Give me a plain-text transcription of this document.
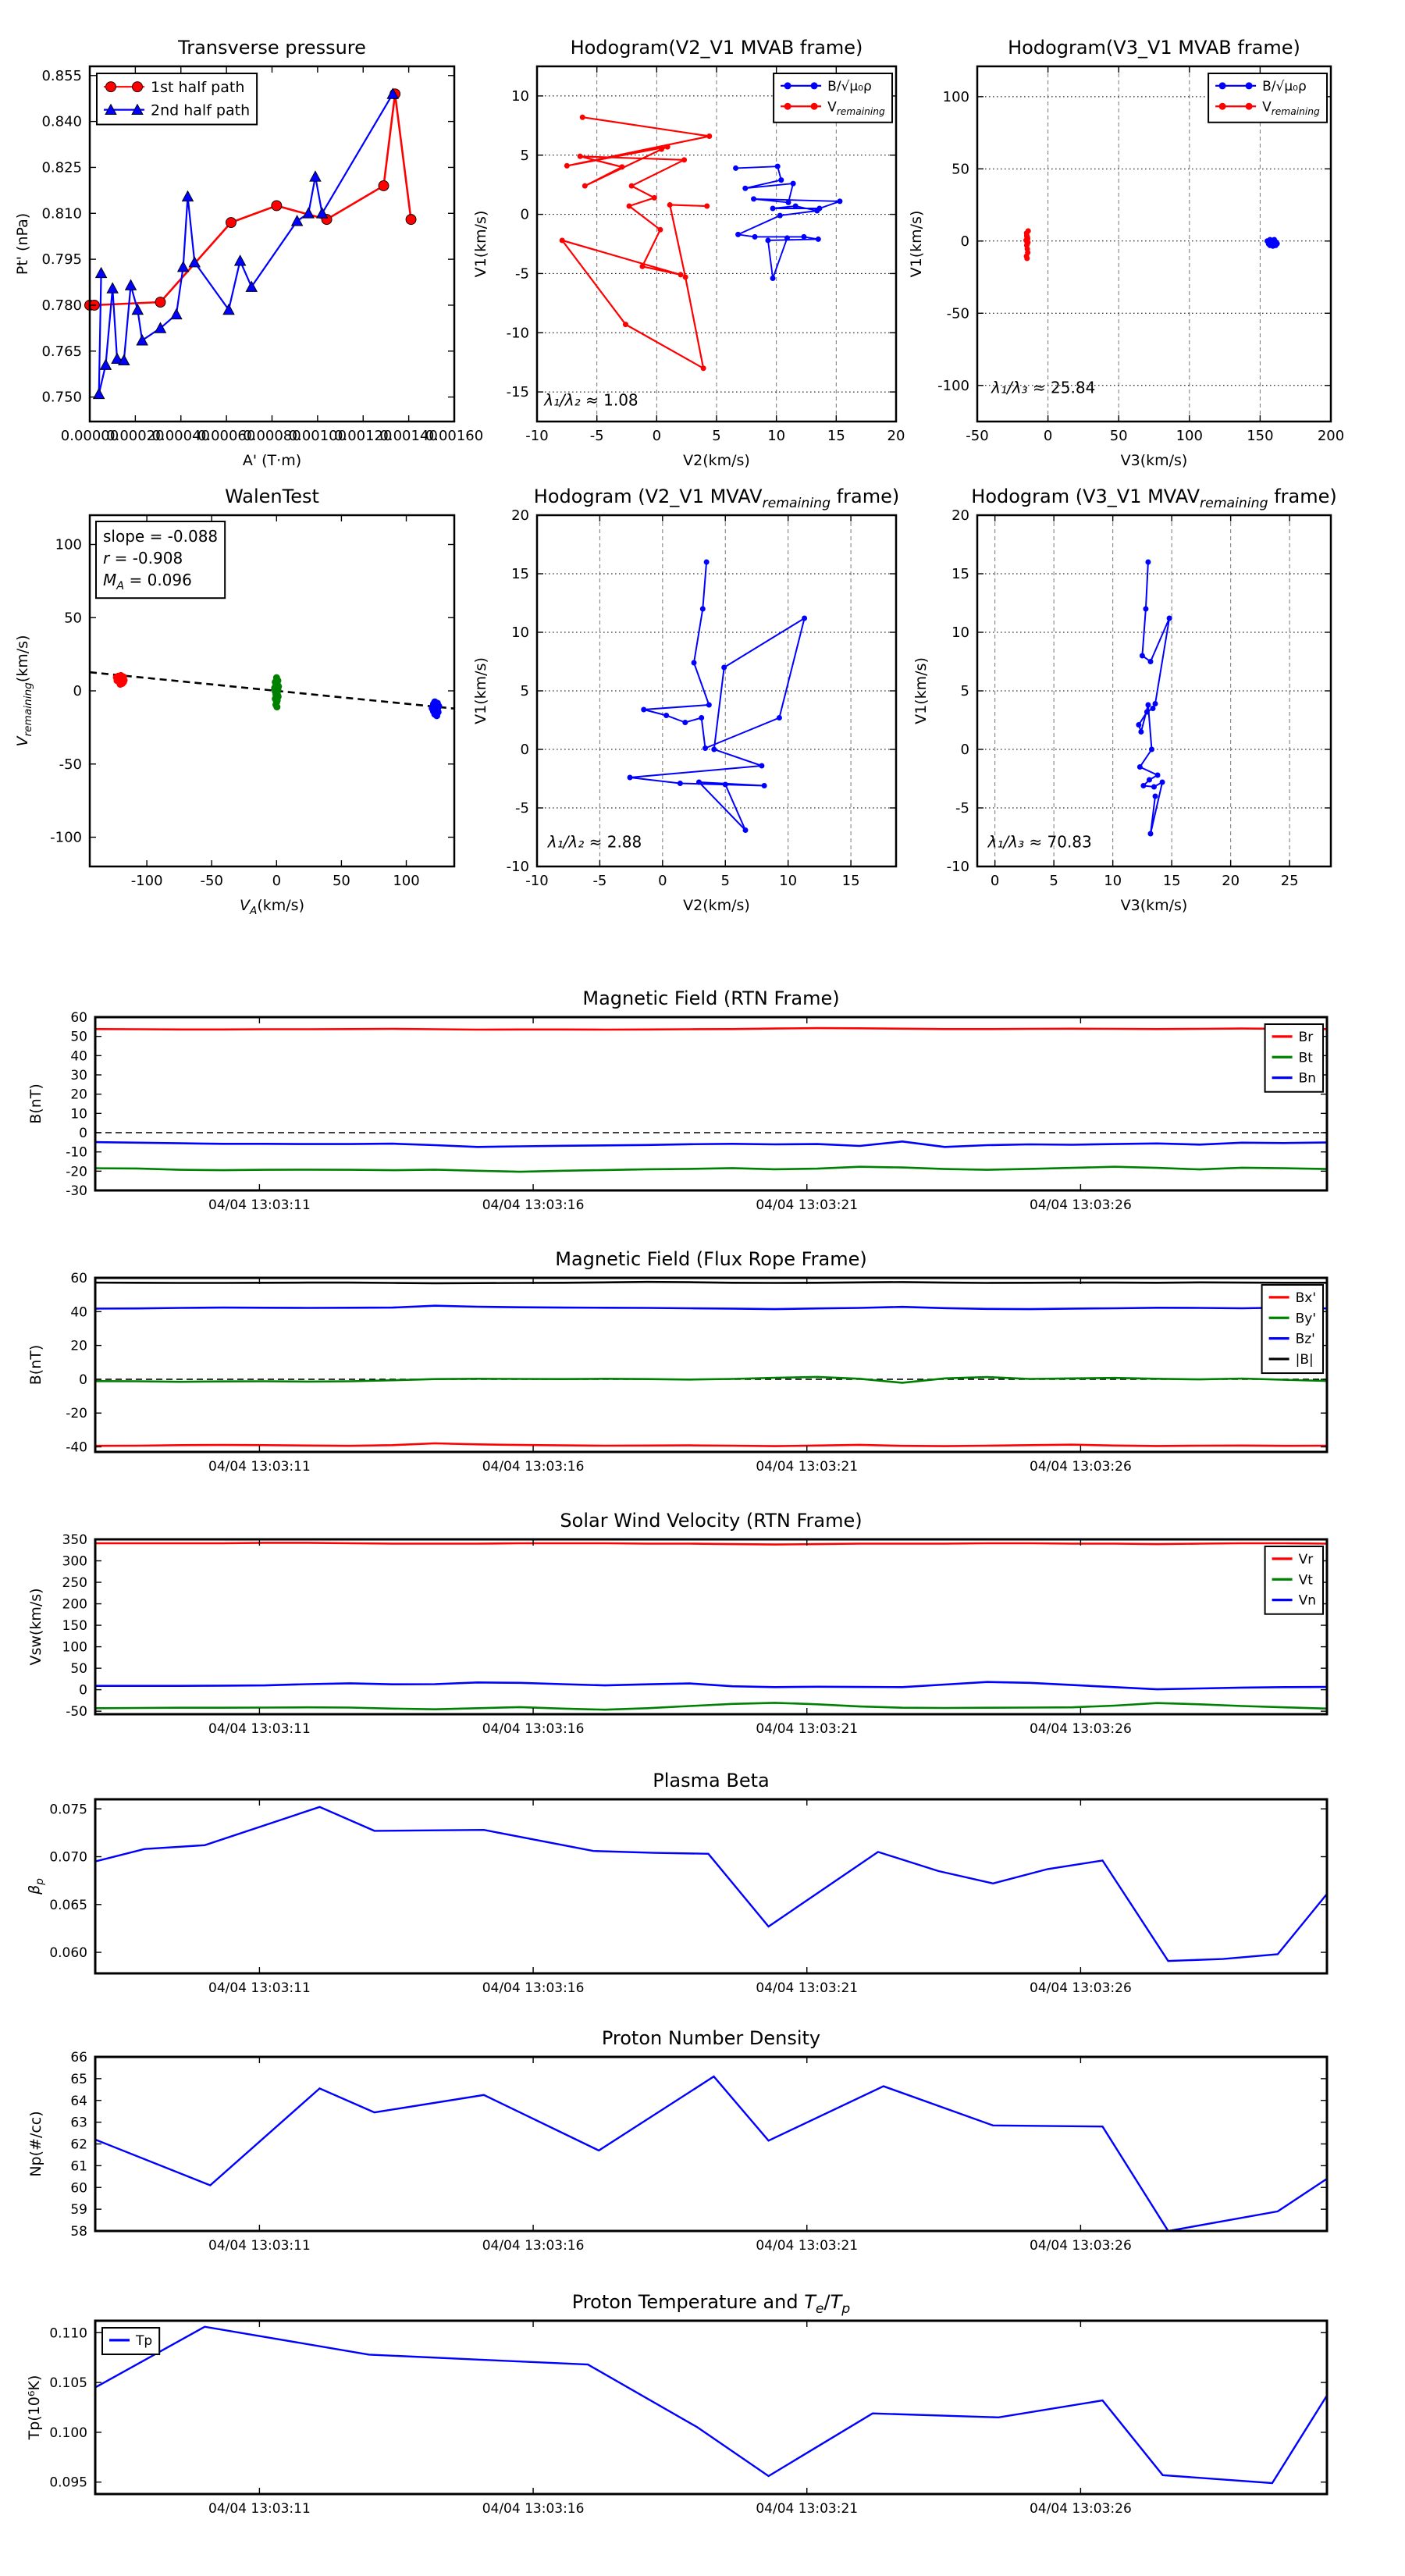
0.00000
0.00020
0.00040
0.00060
0.00080
0.00100
0.00120
0.00140
0.00160
0.750
0.765
0.780
0.795
0.810
0.825
0.840
0.855
Transverse pressure
A' (T·m)
Pt' (nPa)
1st half path
2nd half path
-10	-5	0	5	10	15	20
-15
-10
-5
0
5
10
Hodogram(V2_V1 MVAB frame)
V2(km/s)
V1(km/s)
λ₁/λ₂ ≈ 1.08
B/√μ₀ρ
$V_{remaining}$
-50	0	50	100	150	200
-100
-50
0
50
100
Hodogram(V3_V1 MVAB frame)
V3(km/s)
V1(km/s)
λ₁/λ₃ ≈ 25.84
B/√μ₀ρ
$V_{remaining}$
-100	-50	0	50	100
-100
-50
0
50
100
WalenTest
$V_A(km/s)$
$V_{remaining}(km/s)$
slope = -0.088
r = -0.908
$M_A = 0.096$
-10	-5	0	5	10	15
-10
-5
0
5
10
15
20
Hodogram (V2_V1 $MVAV_{remaining}$ frame)
V2(km/s)
V1(km/s)
λ₁/λ₂ ≈ 2.88
0	5	10	15	20	25
-10
-5
0
5
10
15
20
Hodogram (V3_V1 $MVAV_{remaining}$ frame)
V3(km/s)
V1(km/s)
λ₁/λ₃ ≈ 70.83
04/04 13:03:11	04/04 13:03:16	04/04 13:03:21	04/04 13:03:26
-30
-20
-10
0
10
20
30
40
50
60
Magnetic Field (RTN Frame)
B(nT)
Br
Bt
Bn
04/04 13:03:11	04/04 13:03:16	04/04 13:03:21	04/04 13:03:26
-40
-20
0
20
40
60
Magnetic Field (Flux Rope Frame)
B(nT)
Bx'
By'
Bz'
|B|
04/04 13:03:11	04/04 13:03:16	04/04 13:03:21	04/04 13:03:26
-50
0
50
100
150
200
250
300
350
Solar Wind Velocity (RTN Frame)
Vsw(km/s)
Vr
Vt
Vn
04/04 13:03:11	04/04 13:03:16	04/04 13:03:21	04/04 13:03:26
0.060
0.065
0.070
0.075
Plasma Beta
$\beta_p$
04/04 13:03:11	04/04 13:03:16	04/04 13:03:21	04/04 13:03:26
58
59
60
61
62
63
64
65
66
Proton Number Density
Np(#/cc)
04/04 13:03:11	04/04 13:03:16	04/04 13:03:21	04/04 13:03:26
0.095
0.100
0.105
0.110
Proton Temperature and $T_e/T_p$
Tp(10⁶K)
Tp
